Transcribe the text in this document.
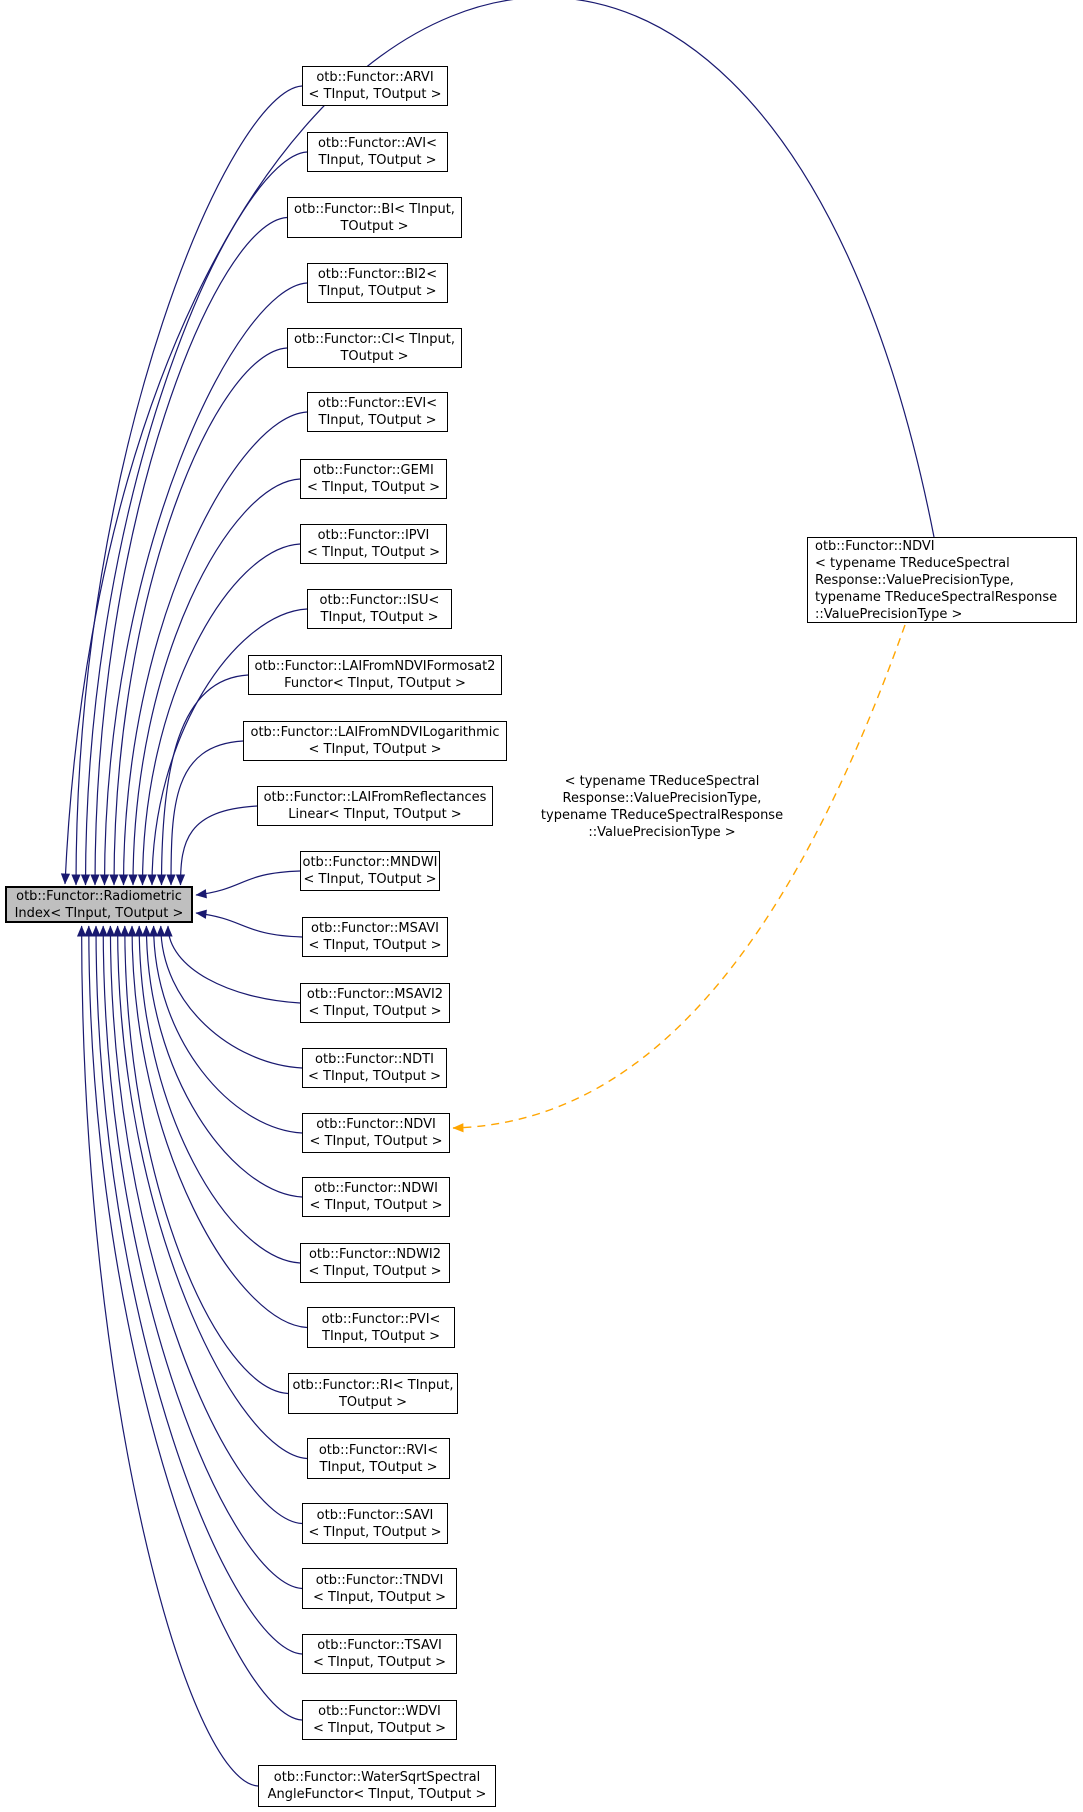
< typename TReduceSpectral
Response::ValuePrecisionType,
typename TReduceSpectralResponse
::ValuePrecisionType >
otb::Functor::Radiometric
Index< TInput, TOutput >
otb::Functor::ARVI
< TInput, TOutput >
otb::Functor::AVI<
TInput, TOutput >
otb::Functor::BI< TInput,
TOutput >
otb::Functor::BI2<
TInput, TOutput >
otb::Functor::CI< TInput,
TOutput >
otb::Functor::EVI<
TInput, TOutput >
otb::Functor::GEMI
< TInput, TOutput >
otb::Functor::IPVI
< TInput, TOutput >
otb::Functor::ISU<
TInput, TOutput >
otb::Functor::LAIFromNDVIFormosat2
Functor< TInput, TOutput >
otb::Functor::LAIFromNDVILogarithmic
< TInput, TOutput >
otb::Functor::LAIFromReflectances
Linear< TInput, TOutput >
otb::Functor::MNDWI
< TInput, TOutput >
otb::Functor::MSAVI
< TInput, TOutput >
otb::Functor::MSAVI2
< TInput, TOutput >
otb::Functor::NDTI
< TInput, TOutput >
otb::Functor::NDVI
< TInput, TOutput >
otb::Functor::NDWI
< TInput, TOutput >
otb::Functor::NDWI2
< TInput, TOutput >
otb::Functor::PVI<
TInput, TOutput >
otb::Functor::RI< TInput,
TOutput >
otb::Functor::RVI<
TInput, TOutput >
otb::Functor::SAVI
< TInput, TOutput >
otb::Functor::TNDVI
< TInput, TOutput >
otb::Functor::TSAVI
< TInput, TOutput >
otb::Functor::WDVI
< TInput, TOutput >
otb::Functor::WaterSqrtSpectral
AngleFunctor< TInput, TOutput >
otb::Functor::NDVI
< typename TReduceSpectral
Response::ValuePrecisionType,
typename TReduceSpectralResponse
::ValuePrecisionType >
